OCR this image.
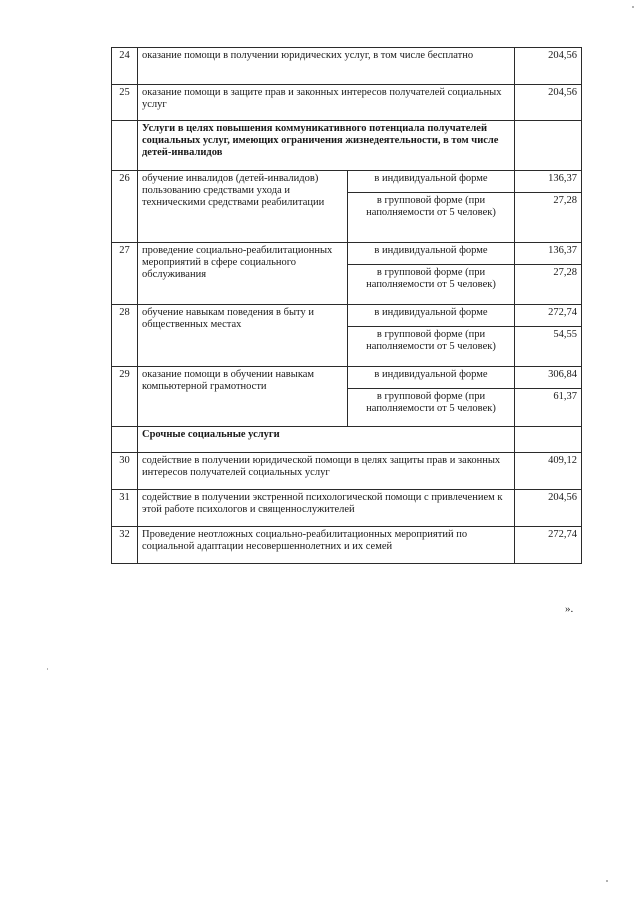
24	оказание помощи в получении юридических услуг, в том числе бесплатно		204,56
25	оказание помощи в защите прав и законных интересов получателей социальных услуг		204,56
	Услуги в целях повышения коммуникативного потенциала получателей социальных услуг, имеющих ограничения жизнедеятельности, в том числе детей-инвалидов		
26	обучение инвалидов (детей-инвалидов) пользованию средствами ухода и техническими средствами реабилитации	в индивидуальной форме	136,37
		в групповой форме (при наполняемости от 5 человек)	27,28
27	проведение социально-реабилитационных мероприятий в сфере социального обслуживания	в индивидуальной форме	136,37
		в групповой форме (при наполняемости от 5 человек)	27,28
28	обучение навыкам поведения в быту и общественных местах	в индивидуальной форме	272,74
		в групповой форме (при наполняемости от 5 человек)	54,55
29	оказание помощи в обучении навыкам компьютерной грамотности	в индивидуальной форме	306,84
		в групповой форме (при наполняемости от 5 человек)	61,37
	Срочные социальные услуги		
30	содействие в получении юридической помощи в целях защиты прав и законных интересов получателей социальных услуг		409,12
31	содействие в получении экстренной психологической помощи с привлечением к этой работе психологов и священнослужителей		204,56
32	Проведение неотложных социально-реабилитационных мероприятий по социальной адаптации несовершеннолетних и их семей		272,74
».
